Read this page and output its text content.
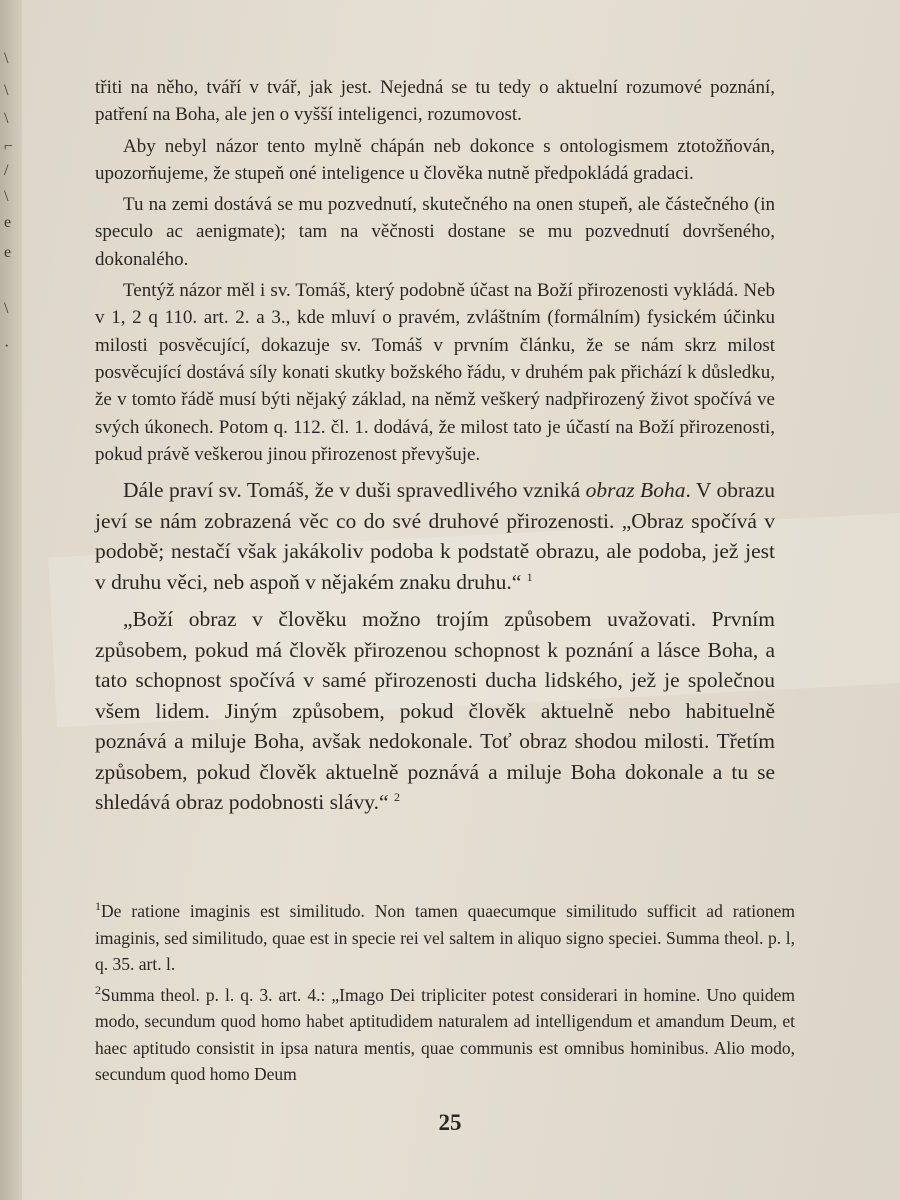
\
\
\
⌐
/
\
e
e
\
·

třiti na něho, tváří v tvář, jak jest. Nejedná se tu tedy o aktuelní rozumové poznání, patření na Boha, ale jen o vyšší inteligenci, rozumovost.

Aby nebyl názor tento mylně chápán neb dokonce s ontologismem ztotožňován, upozorňujeme, že stupeň oné inteligence u člověka nutně předpokládá gradaci.

Tu na zemi dostává se mu pozvednutí, skutečného na onen stupeň, ale částečného (in speculo ac aenigmate); tam na věčnosti dostane se mu pozvednutí dovršeného, dokonalého.

Tentýž názor měl i sv. Tomáš, který podobně účast na Boží přirozenosti vykládá. Neb v 1, 2 q 110. art. 2. a 3., kde mluví o pravém, zvláštním (formálním) fysickém účinku milosti posvěcující, dokazuje sv. Tomáš v prvním článku, že se nám skrz milost posvěcující dostává síly konati skutky božského řádu, v druhém pak přichází k důsledku, že v tomto řádě musí býti nějaký základ, na němž veškerý nadpřirozený život spočívá ve svých úkonech. Potom q. 112. čl. 1. dodává, že milost tato je účastí na Boží přirozenosti, pokud právě veškerou jinou přirozenost převyšuje.

Dále praví sv. Tomáš, že v duši spravedlivého vzniká obraz Boha. V obrazu jeví se nám zobrazená věc co do své druhové přirozenosti. „Obraz spočívá v podobě; nestačí však jakákoliv podoba k podstatě obrazu, ale podoba, jež jest v druhu věci, neb aspoň v nějakém znaku druhu.“ $^1$

„Boží obraz v člověku možno trojím způsobem uvažovati. Prvním způsobem, pokud má člověk přirozenou schopnost k poznání a lásce Boha, a tato schopnost spočívá v samé přirozenosti ducha lidského, jež je společnou všem lidem. Jiným způsobem, pokud člověk aktuelně nebo habituelně poznává a miluje Boha, avšak nedokonale. Toť obraz shodou milosti. Třetím způsobem, pokud člověk aktuelně poznává a miluje Boha dokonale a tu se shledává obraz podobnosti slávy.“ $^2$

$^1$De ratione imaginis est similitudo. Non tamen quaecumque similitudo sufficit ad rationem imaginis, sed similitudo, quae est in specie rei vel saltem in aliquo signo speciei. Summa theol. p. l, q. 35. art. l.

$^2$Summa theol. p. l. q. 3. art. 4.: „Imago Dei tripliciter potest considerari in homine. Uno quidem modo, secundum quod homo habet aptitudidem naturalem ad intelligendum et amandum Deum, et haec aptitudo consistit in ipsa natura mentis, quae communis est omnibus hominibus. Alio modo, secundum quod homo Deum

25
